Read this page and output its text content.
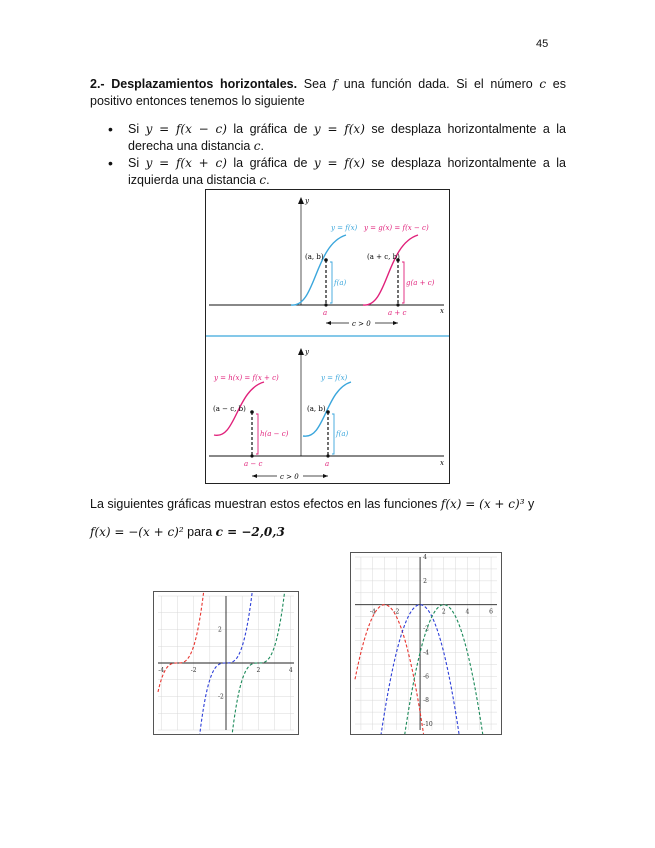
45
2.- Desplazamientos horizontales. Sea f una función dada. Si el número c es positivo entonces tenemos lo siguiente
• Si y = f(x − c) la gráfica de y = f(x) se desplaza horizontalmente a la derecha una distancia c.
• Si y = f(x + c) la gráfica de y = f(x) se desplaza horizontalmente a la izquierda una distancia c.
y
x
y = f(x) y = g(x) = f(x − c)
(a, b)	(a + c, b)
f(a)	g(a + c)
a	a + c
c > 0
y
x
y = h(x) = f(x + c)	y = f(x)
(a − c, b)	(a, b)
h(a − c)	f(a)
a − c	a
c > 0
La siguientes gráficas muestran estos efectos en las funciones f(x) = (x + c)³ y
f(x) = −(x + c)² para c = −2,0,3
-4	-2	2	4
-2
2
-4	-2	2	4	6
4
2
-2
-4
-6
-8
-10
